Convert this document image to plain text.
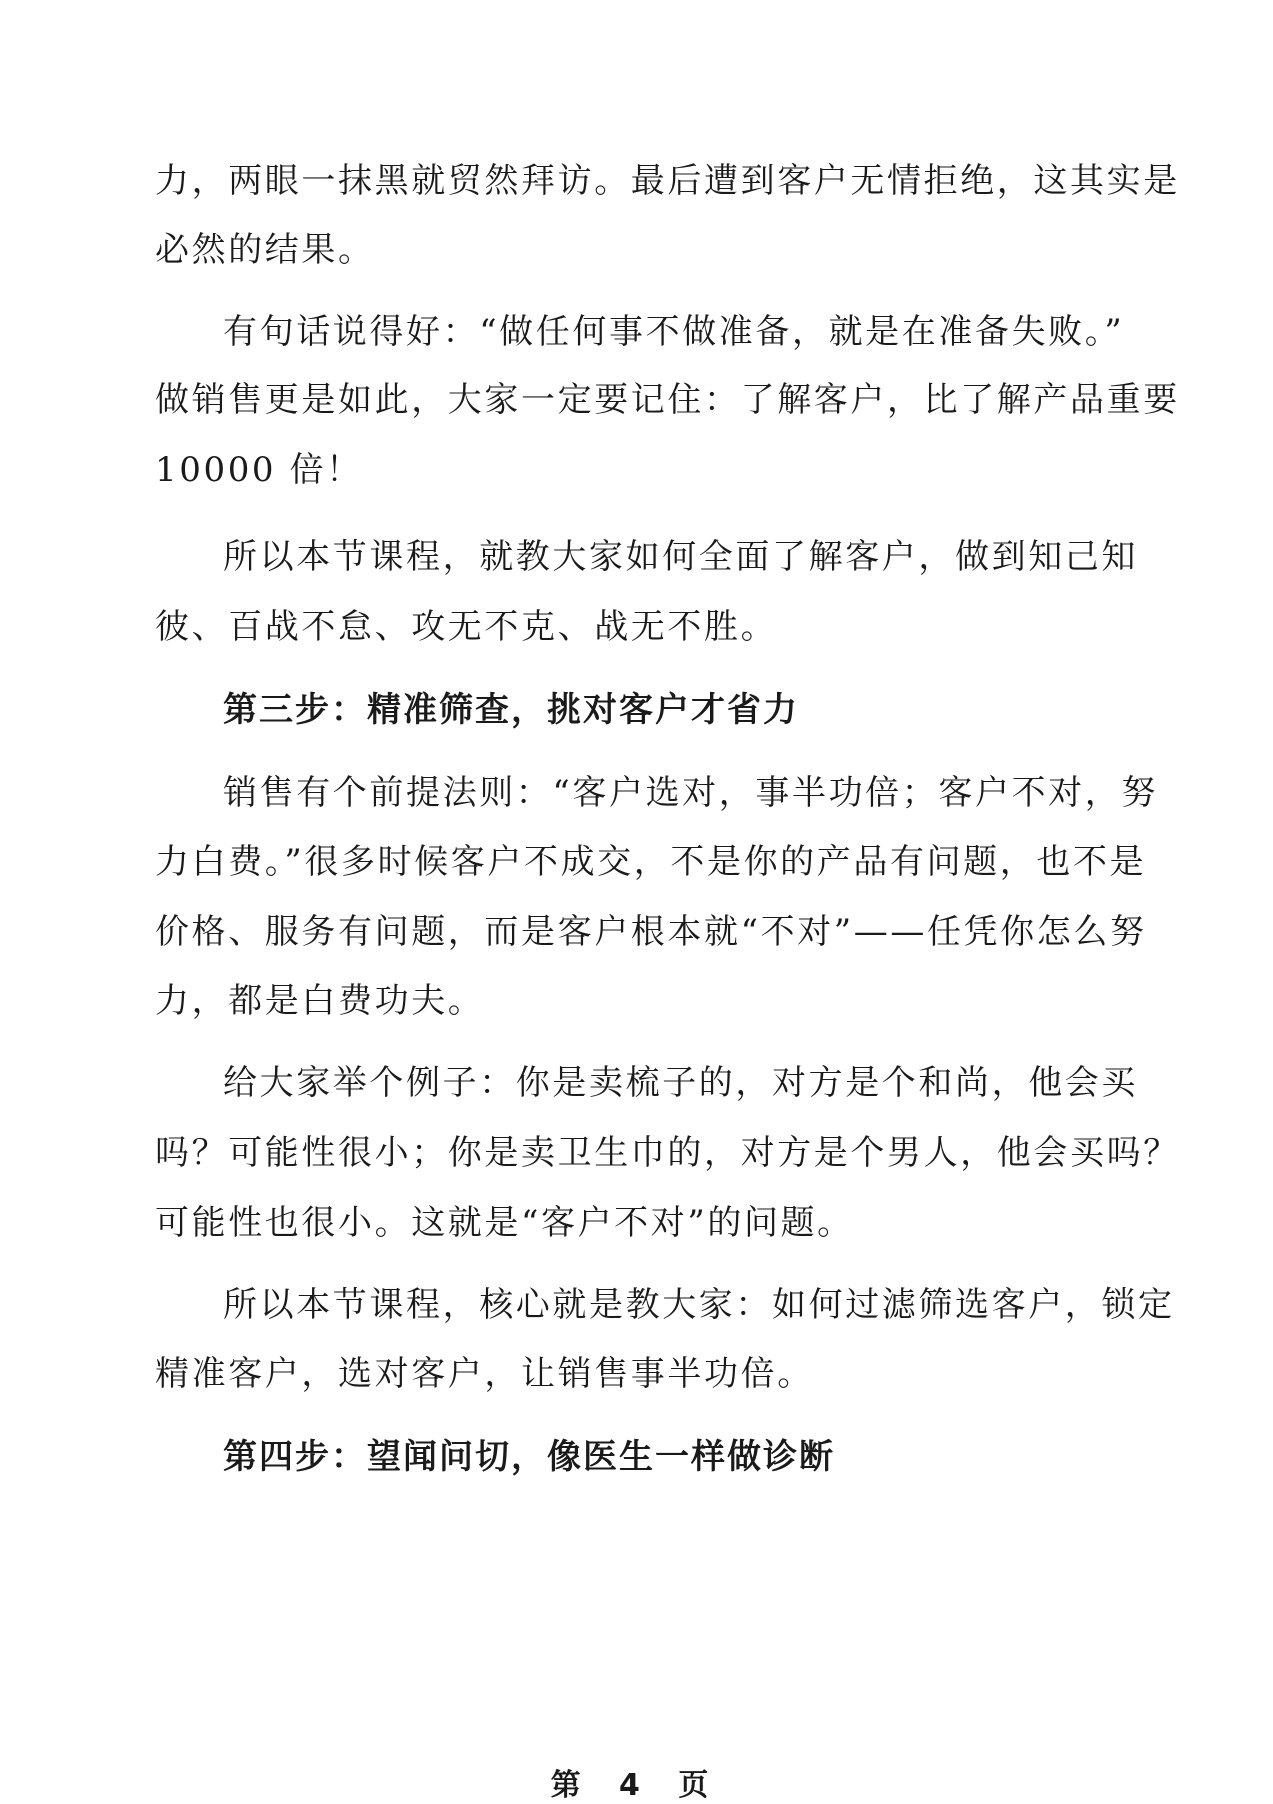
力，两眼一抹黑就贸然拜访。最后遭到客户无情拒绝，这其实是
必然的结果。
有句话说得好：“做任何事不做准备，就是在准备失败。”
做销售更是如此，大家一定要记住：了解客户，比了解产品重要
10000 倍！
所以本节课程，就教大家如何全面了解客户，做到知己知
彼、百战不怠、攻无不克、战无不胜。
第三步：精准筛查，挑对客户才省力
销售有个前提法则：“客户选对，事半功倍；客户不对，努
力白费。”很多时候客户不成交，不是你的产品有问题，也不是
价格、服务有问题，而是客户根本就“不对”——任凭你怎么努
力，都是白费功夫。
给大家举个例子：你是卖梳子的，对方是个和尚，他会买
吗？可能性很小；你是卖卫生巾的，对方是个男人，他会买吗？
可能性也很小。这就是“客户不对”的问题。
所以本节课程，核心就是教大家：如何过滤筛选客户，锁定
精准客户，选对客户，让销售事半功倍。
第四步：望闻问切，像医生一样做诊断
第 4 页
